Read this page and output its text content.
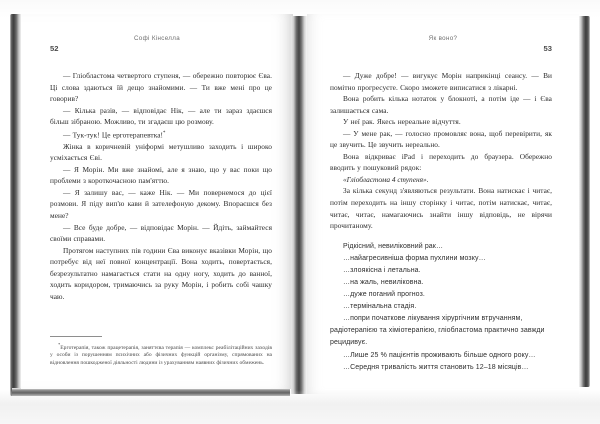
Софі Кінселла
52

— Гліобластома четвертого ступеня, — обережно повторює Єва. Ці слова здаються їй дещо знайомими. — Ти вже мені про це говорив?

— Кілька разів, — відповідає Нік, — але ти зараз здаєшся більш зібраною. Можливо, ти згадаєш цю розмову.

— Тук-тук! Це ерготерапевтка!*

Жінка в коричневій уніформі метушливо заходить і широко усміхається Єві.

— Я Морін. Ми вже знайомі, але я знаю, що у вас поки що проблеми з короткочасною пам'яттю.

— Я залишу вас, — каже Нік. — Ми повернемося до цієї розмови. Я піду вип'ю кави й зателефоную декому. Впораєшся без мене?

— Все буде добре, — відповідає Морін. — Йдіть, займайтеся своїми справами.

Протягом наступних пів години Єва виконує вказівки Морін, що потребує від неї повної концентрації. Вона ходить, повертається, безрезультатно намагається стати на одну ногу, ходить до ванної, ходить коридором, тримаючись за руку Морін, і робить собі чашку чаю.

*Ерготерапія, також працетерапія, заняттєва терапія — комплекс реабілітаційних заходів у особи із порушенням психічних або фізичних функцій організму, спрямованих на відновлення пошкодженої діяльності людини із урахуванням наявних фізичних обмежень.

Як воно?
53

— Дуже добре! — вигукує Морін наприкінці сеансу. — Ви помітно прогресуєте. Скоро зможете виписатися з лікарні.

Вона робить кілька нотаток у блокноті, а потім іде — і Єва залишається сама.

У неї рак. Якесь нереальне відчуття.

— У мене рак, — голосно промовляє вона, щоб перевірити, як це звучить. Це звучить нереально.

Вона відкриває iPad і переходить до браузера. Обережно вводить у пошуковий рядок:

«Гліобластома 4 ступеня».

За кілька секунд з'являються результати. Вона натискає і читає, потім переходить на іншу сторінку і читає, потім натискає, читає, читає, читає, намагаючись знайти іншу відповідь, не вірячи прочитаному.

Рідкісний, невиліковний рак…
…найагресивніша форма пухлини мозку…
…злоякісна і летальна.
…на жаль, невиліковна.
…дуже поганий прогноз.
…термінальна стадія.
…попри початкове лікування хірургічним втручанням, радіотерапією та хіміотерапією, гліобластома практично завжди рецидивує.
…Лише 25 % пацієнтів проживають більше одного року…
…Середня тривалість життя становить 12–18 місяців…
